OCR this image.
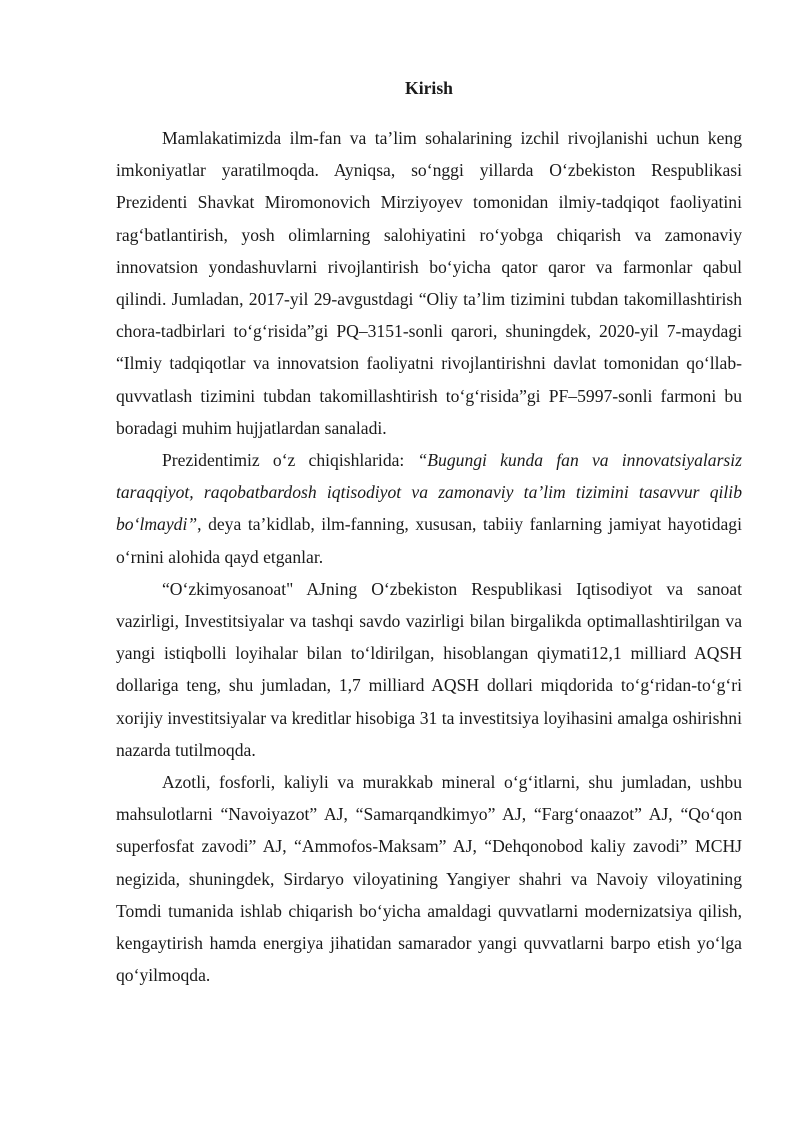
Kirish

Mamlakatimizda ilm-fan va ta’lim sohalarining izchil rivojlanishi uchun keng imkoniyatlar yaratilmoqda. Ayniqsa, so‘nggi yillarda O‘zbekiston Respublikasi Prezidenti Shavkat Miromonovich Mirziyoyev tomonidan ilmiy-tadqiqot faoliyatini rag‘batlantirish, yosh olimlarning salohiyatini ro‘yobga chiqarish va zamonaviy innovatsion yondashuvlarni rivojlantirish bo‘yicha qator qaror va farmonlar qabul qilindi. Jumladan, 2017-yil 29-avgustdagi “Oliy ta’lim tizimini tubdan takomillashtirish chora-tadbirlari to‘g‘risida”gi PQ–3151-sonli qarori, shuningdek, 2020-yil 7-maydagi “Ilmiy tadqiqotlar va innovatsion faoliyatni rivojlantirishni davlat tomonidan qo‘llab-quvvatlash tizimini tubdan takomillashtirish to‘g‘risida”gi PF–5997-sonli farmoni bu boradagi muhim hujjatlardan sanaladi.

Prezidentimiz o‘z chiqishlarida: “Bugungi kunda fan va innovatsiyalarsiz taraqqiyot, raqobatbardosh iqtisodiyot va zamonaviy ta’lim tizimini tasavvur qilib bo‘lmaydi”, deya ta’kidlab, ilm-fanning, xususan, tabiiy fanlarning jamiyat hayotidagi o‘rnini alohida qayd etganlar.

“O‘zkimyosanoat" AJning O‘zbekiston Respublikasi Iqtisodiyot va sanoat vazirligi, Investitsiyalar va tashqi savdo vazirligi bilan birgalikda optimallashtirilgan va yangi istiqbolli loyihalar bilan to‘ldirilgan, hisoblangan qiymati12,1 milliard AQSH dollariga teng, shu jumladan, 1,7 milliard AQSH dollari miqdorida to‘g‘ridan-to‘g‘ri xorijiy investitsiyalar va kreditlar hisobiga 31 ta investitsiya loyihasini amalga oshirishni nazarda tutilmoqda.

Azotli, fosforli, kaliyli va murakkab mineral o‘g‘itlarni, shu jumladan, ushbu mahsulotlarni “Navoiyazot” AJ, “Samarqandkimyo” AJ, “Farg‘onaazot” AJ, “Qo‘qon superfosfat zavodi” AJ, “Ammofos-Maksam” AJ, “Dehqonobod kaliy zavodi” MCHJ negizida, shuningdek, Sirdaryo viloyatining Yangiyer shahri va Navoiy viloyatining Tomdi tumanida ishlab chiqarish bo‘yicha amaldagi quvvatlarni modernizatsiya qilish, kengaytirish hamda energiya jihatidan samarador yangi quvvatlarni barpo etish yo‘lga qo‘yilmoqda.
